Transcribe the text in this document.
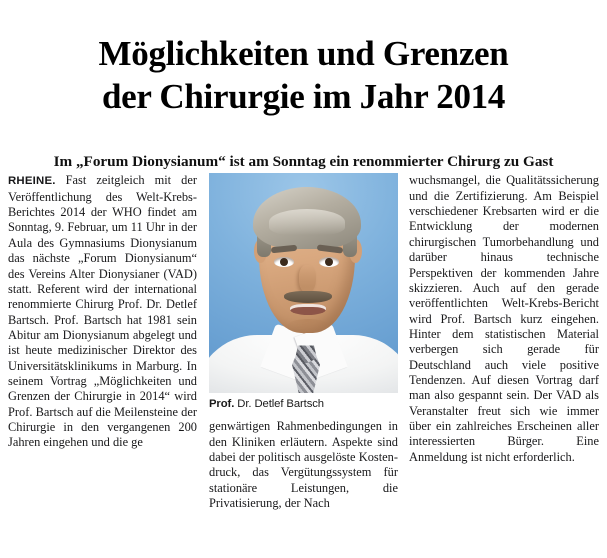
Möglichkeiten und Grenzen
der Chirurgie im Jahr 2014
Im „Forum Dionysianum“ ist am Sonntag ein renommierter Chirurg zu Gast

RHEINE. Fast zeitgleich mit der Veröffentlichung des Welt-Krebs-Berichtes 2014 der WHO findet am Sonntag, 9. Februar, um 11 Uhr in der Aula des Gymnasiums Dionysianum das nächste „Forum Dionysianum“ des Vereins Alter Dionysianer (VAD) statt. Referent wird der international renommierte Chirurg Prof. Dr. Detlef Bartsch. Prof. Bartsch hat 1981 sein Abitur am Dionysianum abgelegt und ist heute medizinischer Direktor des Universitätsklinikums in Marburg. In seinem Vortrag „Möglichkeiten und Grenzen der Chirurgie in 2014“ wird Prof. Bartsch auf die Meilensteine der Chirurgie in den vergangenen 200 Jahren eingehen und die ge

Prof. Dr. Detlef Bartsch

genwärtigen Rahmenbedingungen in den Kliniken erläutern. Aspekte sind dabei der politisch ausgelöste Kostendruck, das Vergütungssystem für stationäre Leistungen, die Privatisierung, der Nach

wuchsmangel, die Qualitätssicherung und die Zertifizierung. Am Beispiel verschiedener Krebsarten wird er die Entwicklung der modernen chirurgischen Tumorbehandlung und darüber hinaus technische Perspektiven der kommenden Jahre skizzieren. Auch auf den gerade veröffentlichten Welt-Krebs-Bericht wird Prof. Bartsch kurz eingehen. Hinter dem statistischen Material verbergen sich gerade für Deutschland auch viele positive Tendenzen. Auf diesen Vortrag darf man also gespannt sein. Der VAD als Veranstalter freut sich wie immer über ein zahlreiches Erscheinen aller interessierten Bürger. Eine Anmeldung ist nicht erforderlich.
